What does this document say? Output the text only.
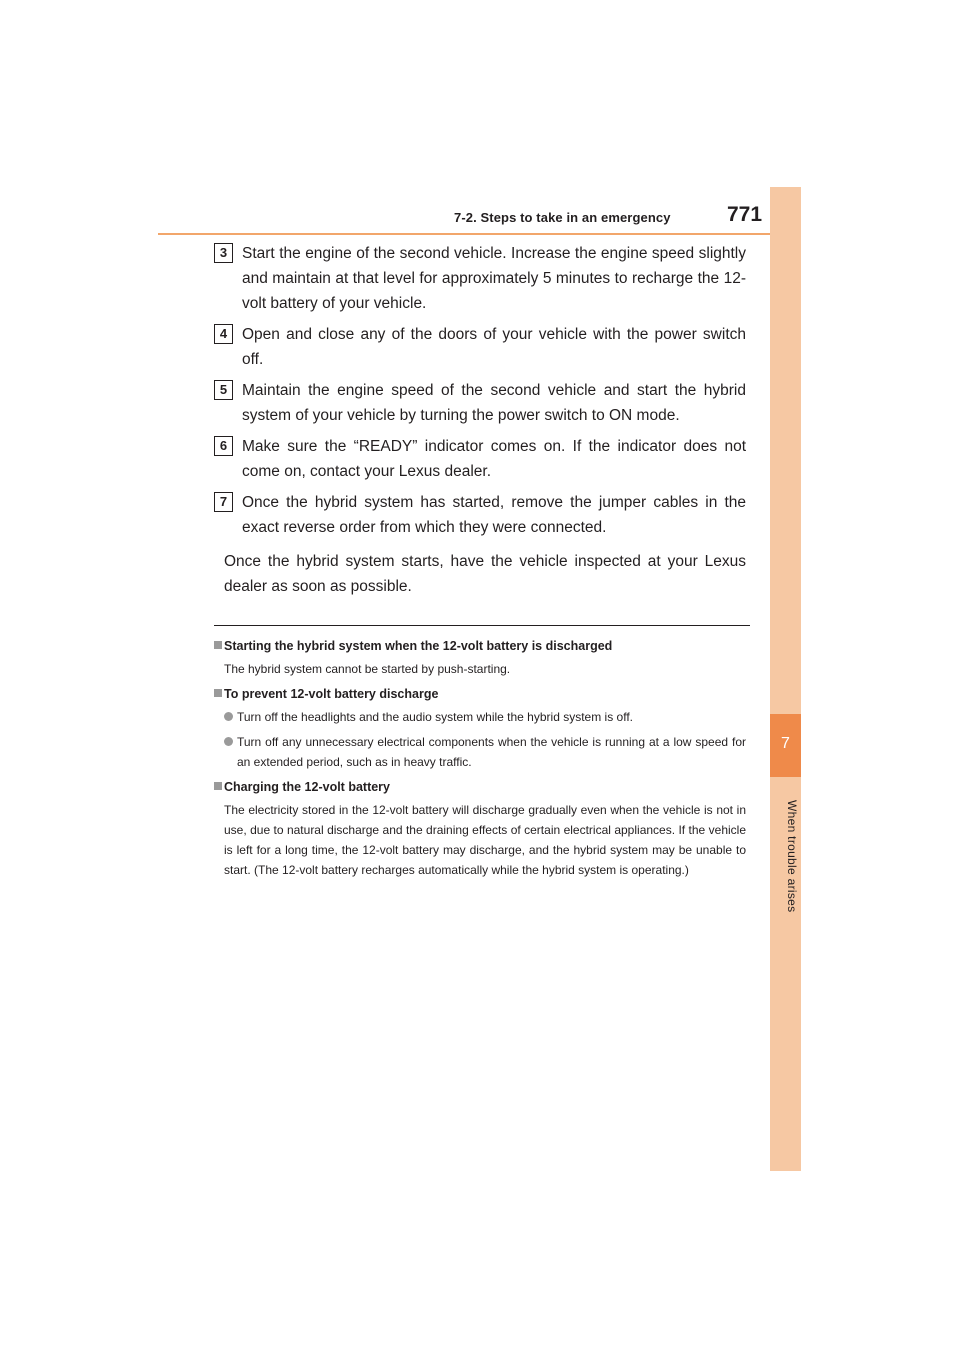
7-2. Steps to take in an emergency	771
7
When trouble arises
3 Start the engine of the second vehicle. Increase the engine speed slightly and maintain at that level for approximately 5 minutes to recharge the 12-volt battery of your vehicle.
4 Open and close any of the doors of your vehicle with the power switch off.
5 Maintain the engine speed of the second vehicle and start the hybrid system of your vehicle by turning the power switch to ON mode.
6 Make sure the “READY” indicator comes on. If the indicator does not come on, contact your Lexus dealer.
7 Once the hybrid system has started, remove the jumper cables in the exact reverse order from which they were connected.
Once the hybrid system starts, have the vehicle inspected at your Lexus dealer as soon as possible.
Starting the hybrid system when the 12-volt battery is discharged
The hybrid system cannot be started by push-starting.
To prevent 12-volt battery discharge
Turn off the headlights and the audio system while the hybrid system is off.
Turn off any unnecessary electrical components when the vehicle is running at a low speed for an extended period, such as in heavy traffic.
Charging the 12-volt battery
The electricity stored in the 12-volt battery will discharge gradually even when the vehicle is not in use, due to natural discharge and the draining effects of certain electrical appliances. If the vehicle is left for a long time, the 12-volt battery may discharge, and the hybrid system may be unable to start. (The 12-volt battery recharges automatically while the hybrid system is operating.)
